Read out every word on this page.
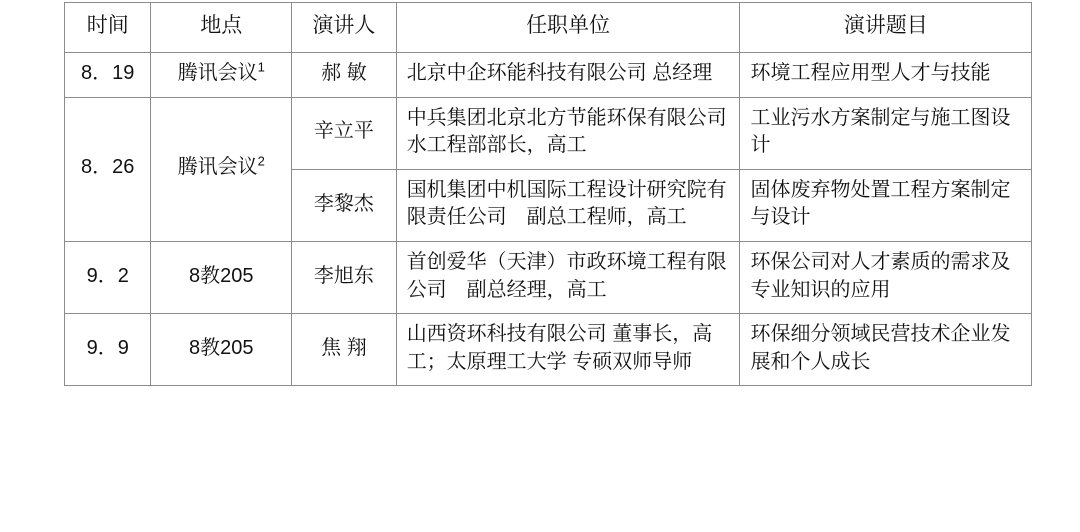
时间	地点	演讲人	任职单位	演讲题目
8．19	腾讯会议$^1$	郝 敏	北京中企环能科技有限公司 总经理	环境工程应用型人才与技能
8．26	腾讯会议$^2$	辛立平	中兵集团北京北方节能环保有限公司　水工程部部长，高工	工业污水方案制定与施工图设计
		李黎杰	国机集团中机国际工程设计研究院有限责任公司　副总工程师，高工	固体废弃物处置工程方案制定与设计
9．2	8教205	李旭东	首创爱华（天津）市政环境工程有限公司　副总经理，高工	环保公司对人才素质的需求及专业知识的应用
9．9	8教205	焦 翔	山西资环科技有限公司 董事长，高工；太原理工大学 专硕双师导师	环保细分领域民营技术企业发展和个人成长
